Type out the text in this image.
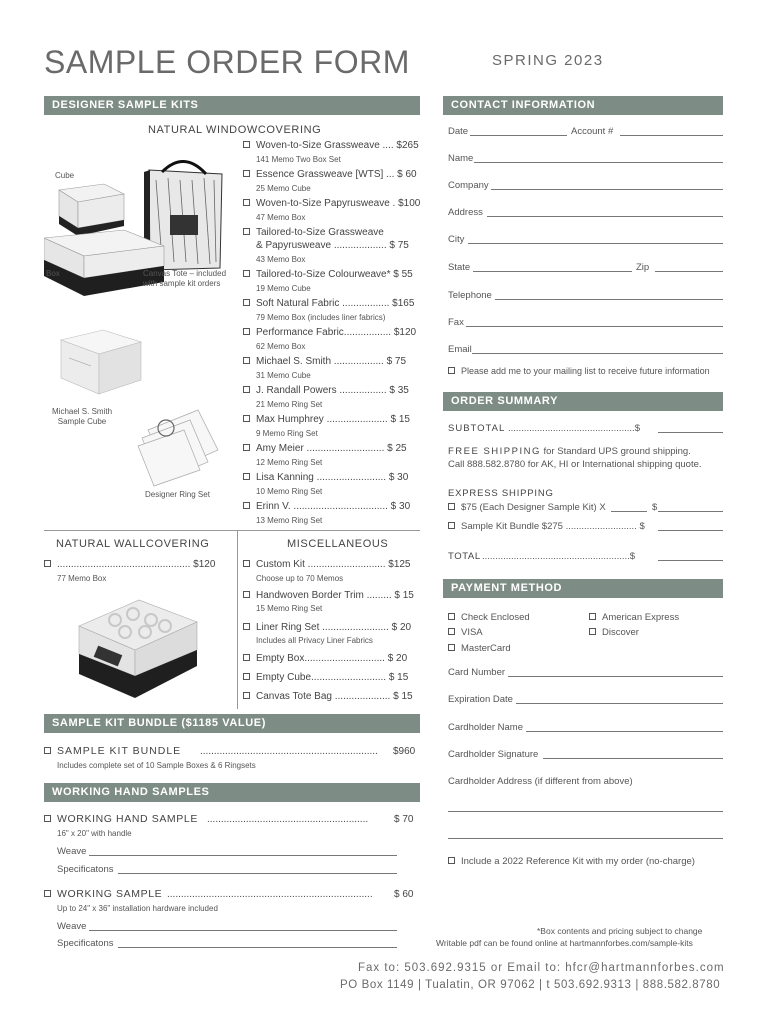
SAMPLE ORDER FORM	SPRING 2023
DESIGNER SAMPLE KITS
NATURAL WINDOWCOVERING
Cube
Box	Canvas Tote – included
with sample kit orders
Michael S. Smith
Sample Cube
Designer Ring Set
Woven-to-Size Grassweave .... $265
141 Memo Two Box Set
Essence Grassweave [WTS] ... $ 60
25 Memo Cube
Woven-to-Size Papyrusweave . $100
47 Memo Box
Tailored-to-Size Grassweave
& Papyrusweave ................... $ 75
43 Memo Box
Tailored-to-Size Colourweave* $ 55
19 Memo Cube
Soft Natural Fabric ................. $165
79 Memo Box (includes liner fabrics)
Performance Fabric................. $120
62 Memo Box
Michael S. Smith .................. $ 75
31 Memo Cube
J. Randall Powers ................. $ 35
21 Memo Ring Set
Max Humphrey ...................... $ 15
9 Memo Ring Set
Amy Meier ............................ $ 25
12 Memo Ring Set
Lisa Kanning ......................... $ 30
10 Memo Ring Set
Erinn V. .................................. $ 30
13 Memo Ring Set
NATURAL WALLCOVERING
................................................ $120
77 Memo Box
MISCELLANEOUS
Custom Kit ............................ $125
Choose up to 70 Memos
Handwoven Border Trim ......... $ 15
15 Memo Ring Set
Liner Ring Set ........................ $ 20
Includes all Privacy Liner Fabrics
Empty Box............................. $ 20
Empty Cube........................... $ 15
Canvas Tote Bag .................... $ 15
SAMPLE KIT BUNDLE ($1185 VALUE)
SAMPLE KIT BUNDLE ................................................................ $960
Includes complete set of 10 Sample Boxes & 6 Ringsets
WORKING HAND SAMPLES
WORKING HAND SAMPLE ..........................................................	$ 70
16" x 20" with handle
Weave
Specificatons
WORKING SAMPLE .......................................................................... $ 60
Up to 24" x 36" installation hardware included
Weave
Specificatons
CONTACT INFORMATION
Date	Account #
Name
Company
Address
City
State	Zip
Telephone
Fax
Email
Please add me to your mailing list to receive future information
ORDER SUMMARY
SUBTOTAL ................................................$
FREE SHIPPING for Standard UPS ground shipping.
Call 888.582.8780 for AK, HI or International shipping quote.
EXPRESS SHIPPING
$75 (Each Designer Sample Kit) X	$
Sample Kit Bundle $275 ........................... $
TOTAL ........................................................$
PAYMENT METHOD
Check Enclosed
VISA
MasterCard
American Express
Discover
Card Number
Expiration Date
Cardholder Name
Cardholder Signature
Cardholder Address (if different from above)
Include a 2022 Reference Kit with my order (no-charge)
*Box contents and pricing subject to change
Writable pdf can be found online at hartmannforbes.com/sample-kits
Fax to: 503.692.9315 or Email to: hfcr@hartmannforbes.com
PO Box 1149 | Tualatin, OR 97062 | t 503.692.9313 | 888.582.8780
